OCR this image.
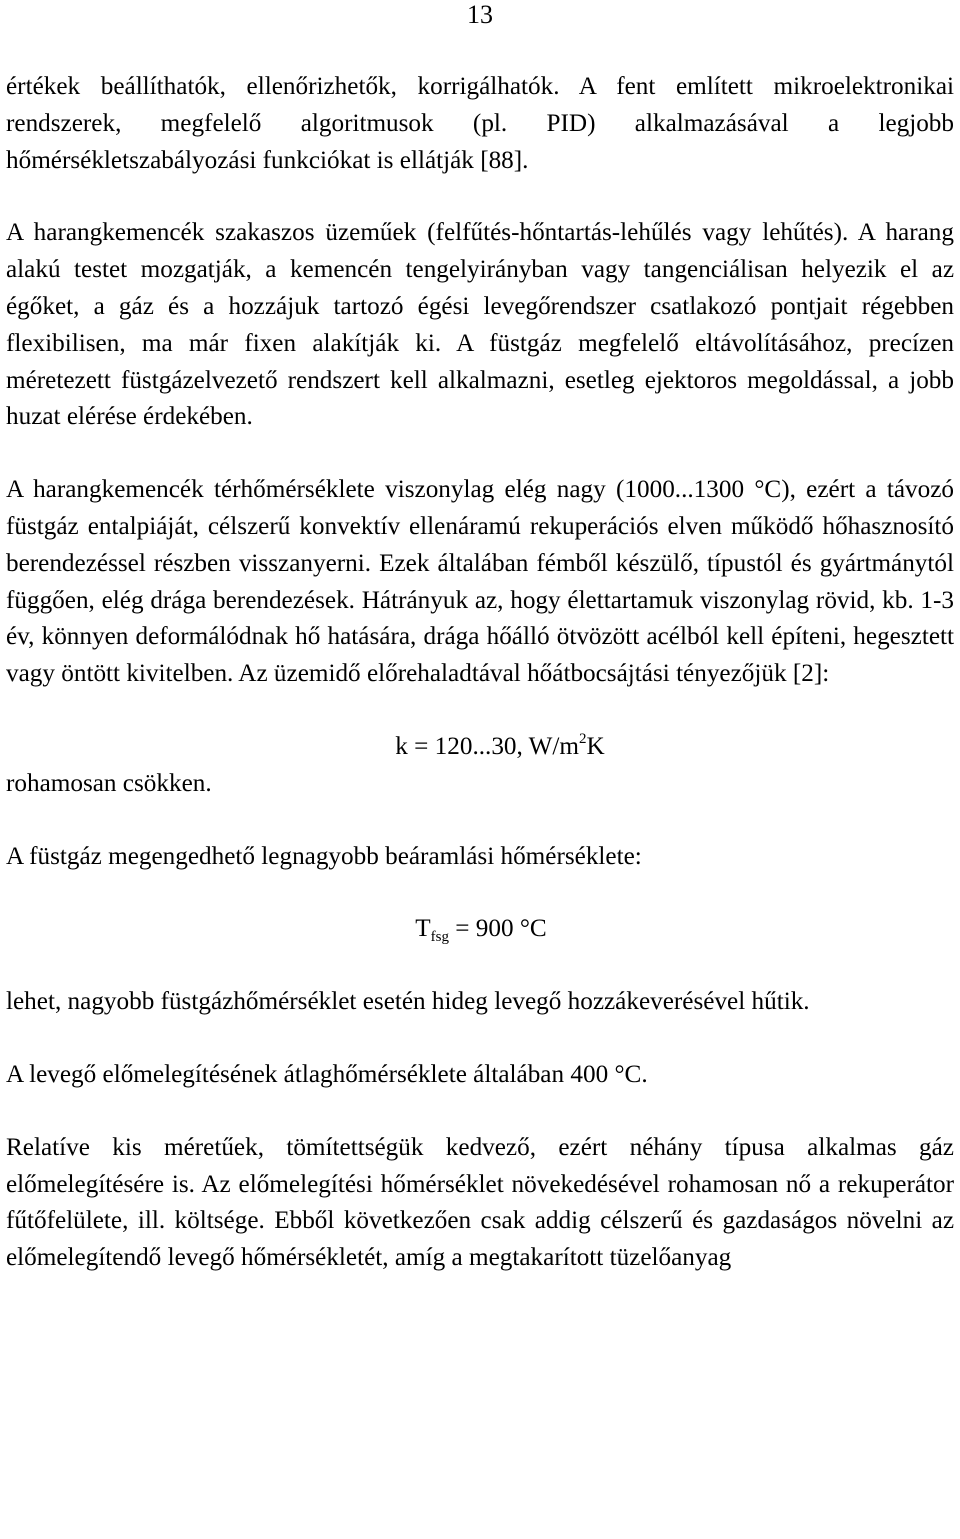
13

értékek beállíthatók, ellenőrizhetők, korrigálhatók. A fent említett mikroelektronikai rendszerek, megfelelő algoritmusok (pl. PID) alkalmazásával a legjobb hőmérsékletszabályozási funkciókat is ellátják [88].

A harangkemencék szakaszos üzeműek (felfűtés-hőntartás-lehűlés vagy lehűtés). A harang alakú testet mozgatják, a kemencén tengelyirányban vagy tangenciálisan helyezik el az égőket, a gáz és a hozzájuk tartozó égési levegőrendszer csatlakozó pontjait régebben flexibilisen, ma már fixen alakítják ki. A füstgáz megfelelő eltávolításához, precízen méretezett füstgázelvezető rendszert kell alkalmazni, esetleg ejektoros megoldással, a jobb huzat elérése érdekében.

A harangkemencék térhőmérséklete viszonylag elég nagy (1000...1300 °C), ezért a távozó füstgáz entalpiáját, célszerű konvektív ellenáramú rekuperációs elven működő hőhasznosító berendezéssel részben visszanyerni. Ezek általában fémből készülő, típustól és gyártmánytól függően, elég drága berendezések. Hátrányuk az, hogy élettartamuk viszonylag rövid, kb. 1-3 év, könnyen deformálódnak hő hatására, drága hőálló ötvözött acélból kell építeni, hegesztett vagy öntött kivitelben. Az üzemidő előrehaladtával hőátbocsájtási tényezőjük [2]:

k = 120...30, $W/m^2K$

rohamosan csökken.

A füstgáz megengedhető legnagyobb beáramlási hőmérséklete:

$T_{fsg} = 900$ °C

lehet, nagyobb füstgázhőmérséklet esetén hideg levegő hozzákeverésével hűtik.

A levegő előmelegítésének átlaghőmérséklete általában 400 °C.

Relatíve kis méretűek, tömítettségük kedvező, ezért néhány típusa alkalmas gáz előmelegítésére is. Az előmelegítési hőmérséklet növekedésével rohamosan nő a rekuperátor fűtőfelülete, ill. költsége. Ebből következően csak addig célszerű és gazdaságos növelni az előmelegítendő levegő hőmérsékletét, amíg a megtakarított tüzelőanyag
